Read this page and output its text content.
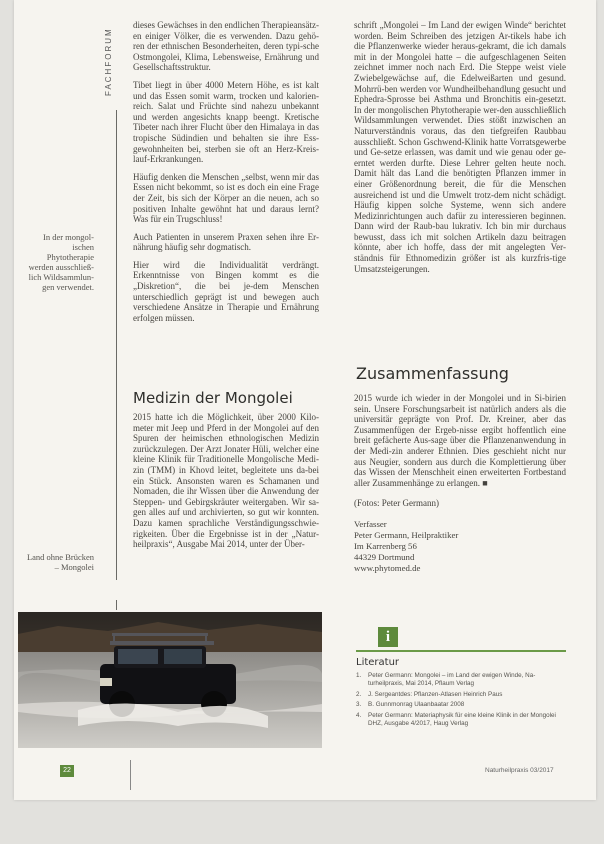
FACHFORUM
In der mongol-ischen Phytotherapie werden ausschließ-lich Wildsammlun-gen verwendet.
Land ohne Brücken – Mongolei

dieses Gewächses in den endlichen Therapieansätz-en einiger Völker, die es verwenden. Dazu gehö-ren der ethnischen Besonderheiten, deren typi-sche Ostmongolei, Klima, Lebensweise, Ernährung und Gesellschaftsstruktur.

Tibet liegt in über 4000 Metern Höhe, es ist kalt und das Essen somit warm, trocken und kalorien-reich. Salat und Früchte sind nahezu unbekannt und werden angesichts knapp beengt. Kretische Tibeter nach ihrer Flucht über den Himalaya in das tropische Südindien und behalten sie ihre Ess-gewohnheiten bei, sterben sie oft an Herz-Kreis-lauf-Erkrankungen.

Häufig denken die Menschen „selbst, wenn mir das Essen nicht bekommt, so ist es doch ein eine Frage der Zeit, bis sich der Körper an die neuen, ach so positiven Inhalte gewöhnt hat und daraus lernt? Was für ein Trugschluss!

Auch Patienten in unserem Praxen sehen ihre Er-nährung häufig sehr dogmatisch.

Hier wird die Individualität verdrängt. Erkenntnisse von Bingen kommt es die „Diskretion“, die bei je-dem Menschen unterschiedlich geprägt ist und bewegen auch verschiedene Ansätze in Therapie und Ernährung erfolgen müssen.

Medizin der Mongolei

2015 hatte ich die Möglichkeit, über 2000 Kilo-meter mit Jeep und Pferd in der Mongolei auf den Spuren der heimischen ethnologischen Medizin zurückzulegen. Der Arzt Jonater Hüli, welcher eine kleine Klinik für Traditionelle Mongolische Medi-zin (TMM) in Khovd leitet, begleitete uns da-bei ein Stück. Ansonsten waren es Schamanen und Nomaden, die ihr Wissen über die Anwendung der Steppen- und Gebirgskräuter weitergaben. Wir sa-gen alles auf und archivierten, so gut wir konnten. Dazu kamen sprachliche Verständigungsschwie-rigkeiten. Über die Ergebnisse ist in der „Natur-heilpraxis“, Ausgabe Mai 2014, unter der Über-

schrift „Mongolei – Im Land der ewigen Winde“ berichtet worden. Beim Schreiben des jetzigen Ar-tikels habe ich die Pflanzenwerke wieder heraus-gekramt, die ich damals mit in der Mongolei hatte – die aufgeschlagenen Seiten zeichnet immer noch nach Erd. Die Steppe weist viele Zwiebelgewächse auf, die Edelweißarten und gesund. Mohrrü-ben werden vor Wundheilbehandlung gesucht und Ephedra-Sprosse bei Asthma und Bronchitis ein-gesetzt. In der mongolischen Phytotherapie wer-den ausschließlich Wildsammlungen verwendet. Dies stößt inzwischen an Naturverständnis voraus, das den tiefgreifen Raubbau ausschließt. Schon Gschwend-Klinik hatte Vorratsgewerbe und Ge-setze erlassen, was damit und wie genau oder ge-erntet werden durfte. Diese Lehrer gelten heute noch. Damit hält das Land die benötigten Pflanzen immer in einer Größenordnung bereit, die für die Menschen ausreichend ist und die Umwelt trotz-dem nicht schädigt. Häufig kippen solche Systeme, wenn sich andere Medizinrichtungen auch dafür zu interessieren beginnen. Dann wird der Raub-bau lukrativ. Ich bin mir durchaus bewusst, dass ich mit solchen Artikeln dazu beitragen könnte, aber ich hoffe, dass der mit angelegten Ver-ständnis für Ethnomedizin größer ist als kurzfris-tige Umsatzsteigerungen.

Zusammenfassung

2015 wurde ich wieder in der Mongolei und in Si-birien sein. Unsere Forschungsarbeit ist natürlich anders als die universitär geprägte von Prof. Dr. Kreiner, aber das Zusammenfügen der Ergeb-nisse ergibt hoffentlich eine breit gefächerte Aus-sage über die Pflanzenanwendung in der Medi-zin anderer Ethnien. Dies geschieht nicht nur aus Neugier, sondern aus durch die Komplettierung über das Wissen der Menschheit einen erweiterten Fortbestand aller Zusammenhänge zu erlangen. ■

(Fotos: Peter Germann)

Verfasser
Peter Germann, Heilpraktiker
Im Karrenberg 56
44329 Dortmund
www.phytomed.de
i
Literatur
1.	Peter Germann: Mongolei – im Land der ewigen Winde, Na-turheilpraxis, Mai 2014, Pflaum Verlag
2.	J. Sergeantdes: Pflanzen-Atlasen Heinrich Paus
3.	B. Gunnmonrag Ulaanbaatar 2008
4.	Peter Germann: Materiaphysik für eine kleine Klinik in der Mongolei DHZ, Ausgabe 4/2017, Haug Verlag
22	Naturheilpraxis 03/2017
